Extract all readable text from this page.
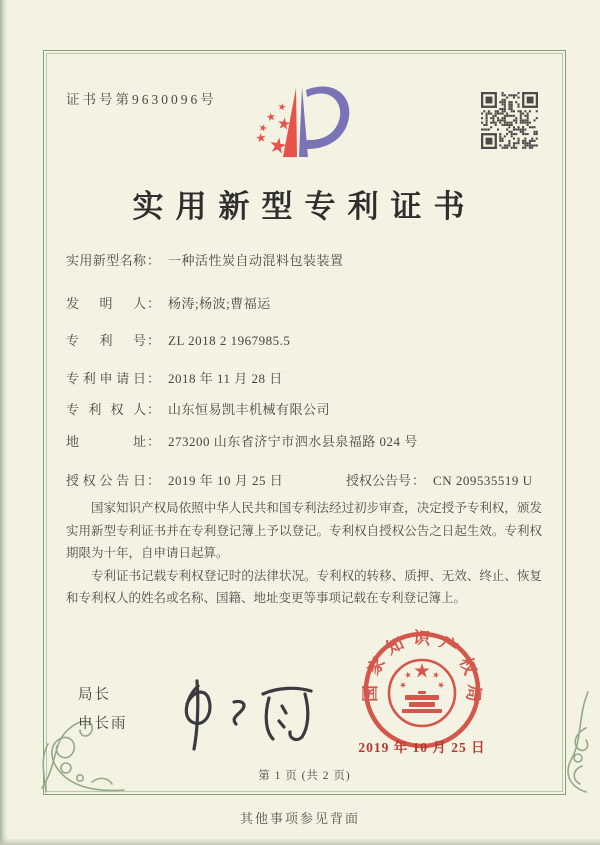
证书号第9630096号
实用新型专利证书
实用新型名称： 一种活性炭自动混料包装装置
发明人： 杨涛;杨波;曹福运
专利号： ZL 2018 2 1967985.5
专利申请日： 2018 年 11 月 28 日
专利权人： 山东恒易凯丰机械有限公司
地址： 273200 山东省济宁市泗水县泉福路 024 号
授权公告日： 2019 年 10 月 25 日	授权公告号： CN 209535519 U

国家知识产权局依照中华人民共和国专利法经过初步审查，决定授予专利权，颁发实用新型专利证书并在专利登记簿上予以登记。专利权自授权公告之日起生效。专利权期限为十年，自申请日起算。

专利证书记载专利权登记时的法律状况。专利权的转移、质押、无效、终止、恢复和专利权人的姓名或名称、国籍、地址变更等事项记载在专利登记簿上。

局长
申长雨
国家知识产权局
2019 年 10 月 25 日
第 1 页 (共 2 页)
其他事项参见背面
